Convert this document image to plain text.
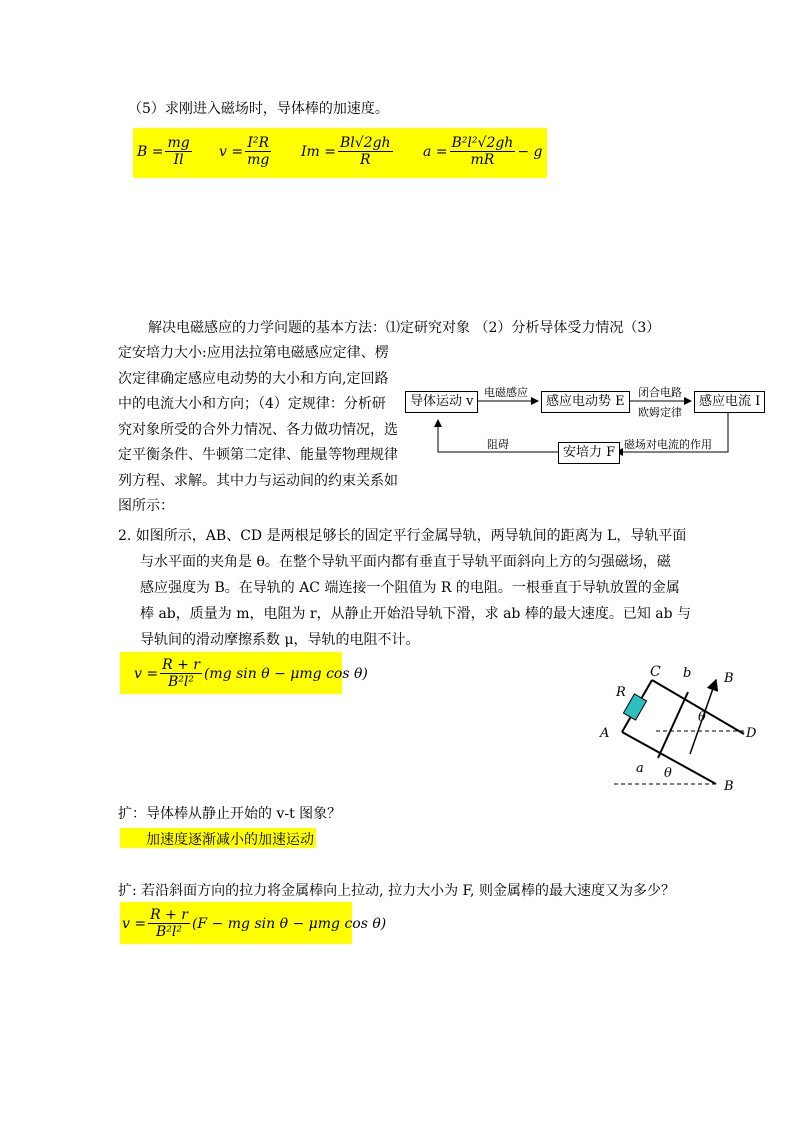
（5）求刚进入磁场时，导体棒的加速度。
$B = \frac{mg}{Il}$ $v = \frac{\text{I²R}}{mg}$ $Im = \frac{Bl√2gh}{R}$ $a = \frac{\text{B²l²√2gh}}{mR} - g$
解决电磁感应的力学问题的基本方法：⑴定研究对象 （2）分析导体受力情况（3）
定安培力大小:应用法拉第电磁感应定律、楞
次定律确定感应电动势的大小和方向,定回路
中的电流大小和方向；（4）定规律：分析研
究对象所受的合外力情况、各力做功情况，选
定平衡条件、牛顿第二定律、能量等物理规律
列方程、求解。其中力与运动间的约束关系如
图所示：
导体运动 v
电磁感应
感应电动势 E
闭合电路
欧姆定律
感应电流 I
安培力 F
磁场对电流的作用
阻碍
2. 如图所示，AB、CD 是两根足够长的固定平行金属导轨，两导轨间的距离为 L，导轨平面
与水平面的夹角是 θ。在整个导轨平面内都有垂直于导轨平面斜向上方的匀强磁场，磁
感应强度为 B。在导轨的 AC 端连接一个阻值为 R 的电阻。一根垂直于导轨放置的金属
棒 ab，质量为 m，电阻为 r，从静止开始沿导轨下滑，求 ab 棒的最大速度。已知 ab 与
导轨间的滑动摩擦系数 μ，导轨的电阻不计。
$v = \frac{R + r}{\text{B²l²}} (mg$ sin θ − μmg cos θ)	C b	B
R
A
θ
D
a θ
B
扩：导体棒从静止开始的 v-t 图象？
加速度逐渐减小的加速运动
扩: 若沿斜面方向的拉力将金属棒向上拉动, 拉力大小为 F, 则金属棒的最大速度又为多少？
$v = \frac{R + r}{\text{B²l²}} (F$ − mg sin θ − μmg cos θ)
